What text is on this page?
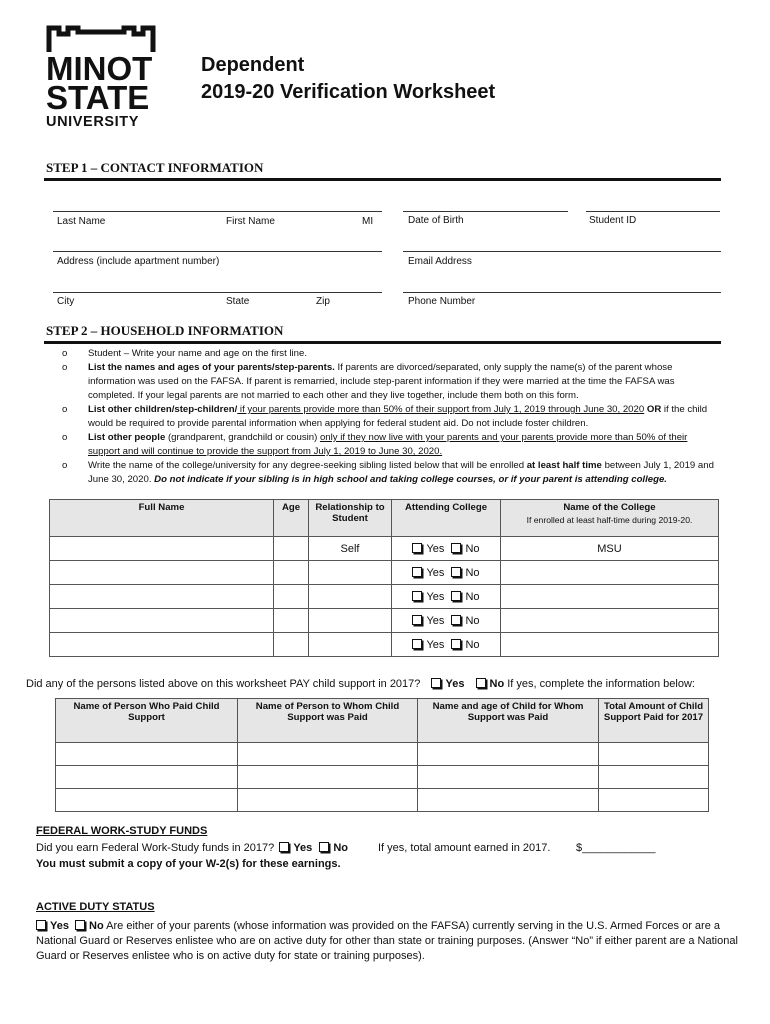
MINOT
STATE
UNIVERSITY
Dependent
2019-20 Verification Worksheet
STEP 1 – CONTACT INFORMATION
Last Name	First Name	MI	Date of Birth	Student ID
Address (include apartment number)	Email Address
City	State	Zip	Phone Number
STEP 2 – HOUSEHOLD INFORMATION
o Student – Write your name and age on the first line.
o List the names and ages of your parents/step-parents. If parents are divorced/separated, only supply the name(s) of the parent whose information was used on the FAFSA. If parent is remarried, include step-parent information if they were married at the time the FAFSA was completed. If your legal parents are not married to each other and they live together, include them both on this form.
o List other children/step-children/ if your parents provide more than 50% of their support from July 1, 2019 through June 30, 2020 OR if the child would be required to provide parental information when applying for federal student aid. Do not include foster children.
o List other people (grandparent, grandchild or cousin) only if they now live with your parents and your parents provide more than 50% of their support and will continue to provide the support from July 1, 2019 to June 30, 2020.
o Write the name of the college/university for any degree-seeking sibling listed below that will be enrolled at least half time between July 1, 2019 and June 30, 2020. Do not indicate if your sibling is in high school and taking college courses, or if your parent is attending college.
Full Name	Age	Relationship to Student	Attending College	Name of the College
If enrolled at least half-time during 2019-20.

		Self	Yes No	MSU
			Yes No	
			Yes No	
			Yes No	
			Yes No	
Did any of the persons listed above on this worksheet PAY child support in 2017? Yes No If yes, complete the information below:
Name of Person Who Paid Child Support	Name of Person to Whom Child Support was Paid	Name and age of Child for Whom Support was Paid	Total Amount of Child Support Paid for 2017

FEDERAL WORK-STUDY FUNDS
Did you earn Federal Work-Study funds in 2017? Yes No	If yes, total amount earned in 2017. $____________
You must submit a copy of your W-2(s) for these earnings.
ACTIVE DUTY STATUS
Yes No Are either of your parents (whose information was provided on the FAFSA) currently serving in the U.S. Armed Forces or are a National Guard or Reserves enlistee who are on active duty for other than state or training purposes. (Answer “No” if either parent are a National Guard or Reserves enlistee who is on active duty for state or training purposes).
